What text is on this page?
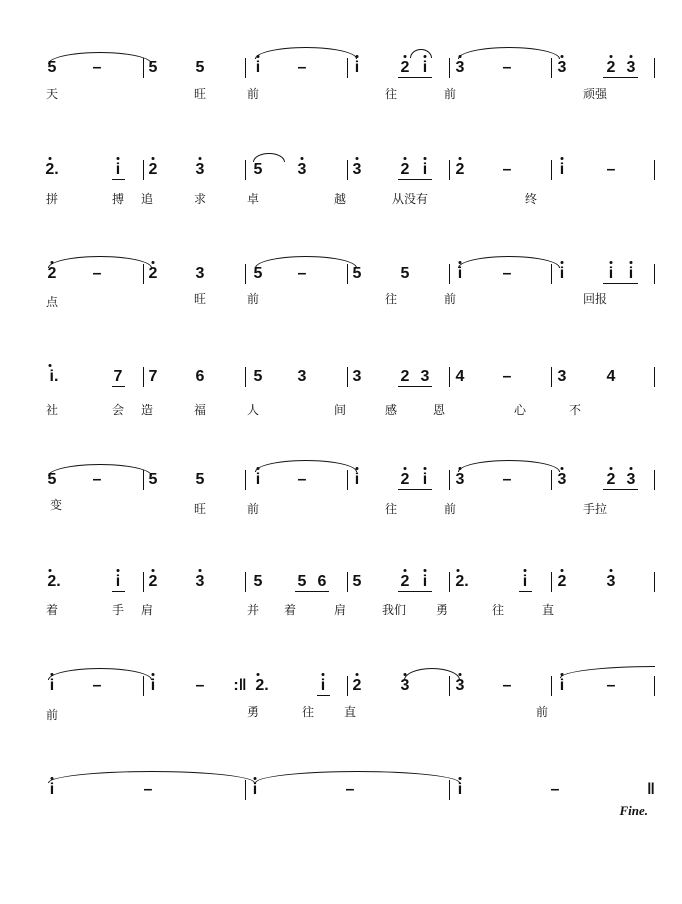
5 –	5 5	i –	i	2 i 3 –	3	2 3
天	旺	前	往	前	顽强
2.	i 2 3	5 3	3 2 i 2 –	i	–
拼	搏 追	求	卓	越	从没有	终
2 –	2 3	5 –	5 5	i	–	i	i i
点	旺	前	往	前	回报
i.	7 7 6	5 3	3 2 3 4 –	3	4
社	会 造	福	人	间	感	恩	心	不
5 –	5 5	i –	i	2 i 3 –	3	2 3
变	旺	前	往	前	手拉
2.	i 2 3	5 5 6 5 2 i 2.	i 2	3
着	手 肩	并 着	肩	我们 勇	往	直
i –	i	– :‖ 2.	i 2 3	3 –	i	–
前	勇	往 直	前
i	–	i	–	i	–	‖
Fine.
